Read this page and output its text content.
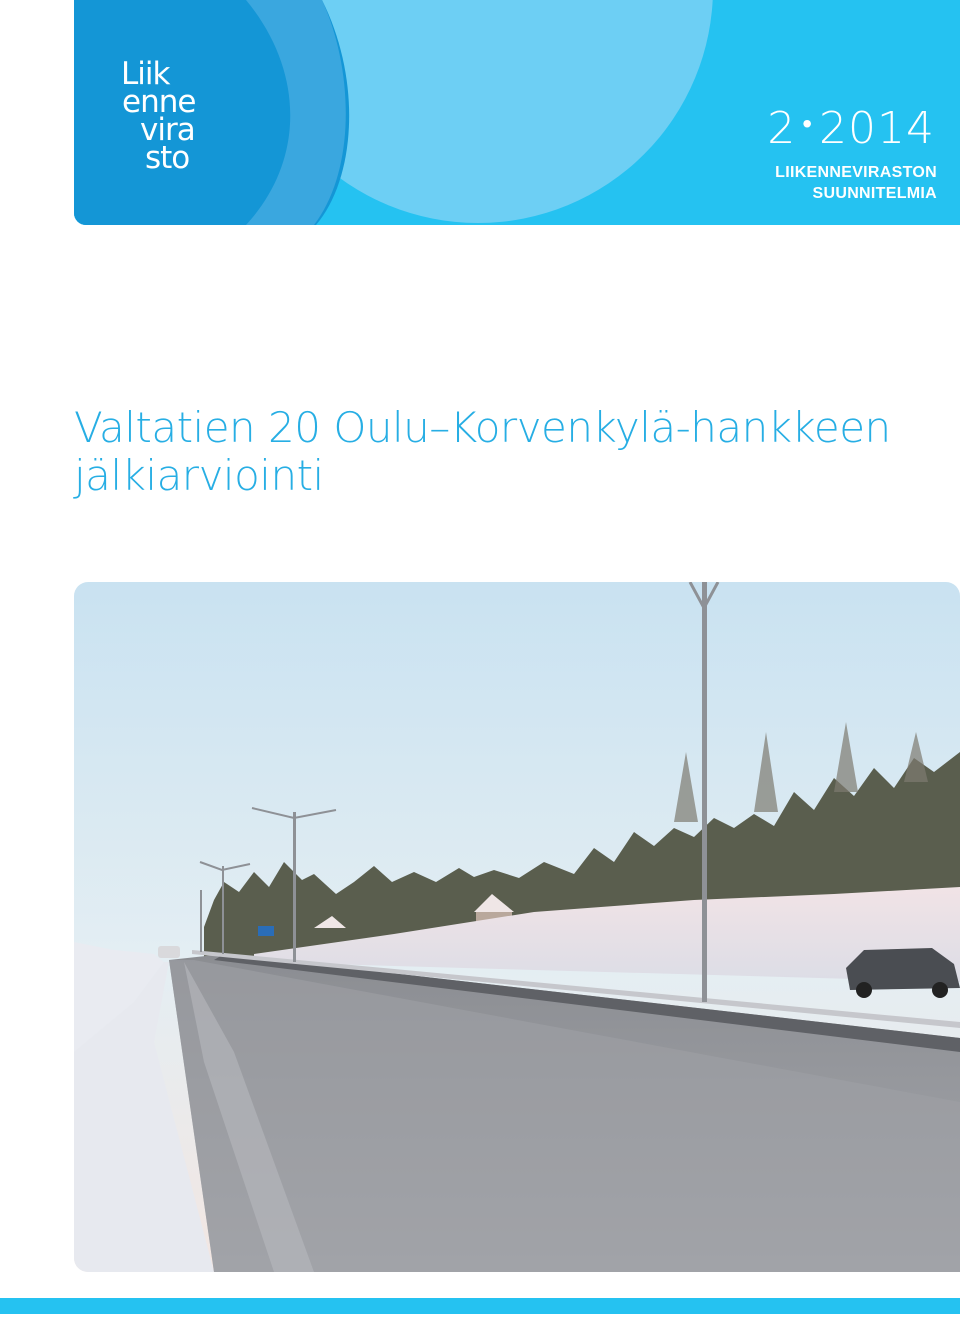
Liik
enne
vira
sto
2 • 2014
LIIKENNEVIRASTON
SUUNNITELMIA
Valtatien 20 Oulu–Korvenkylä-hankkeen
jälkiarviointi
